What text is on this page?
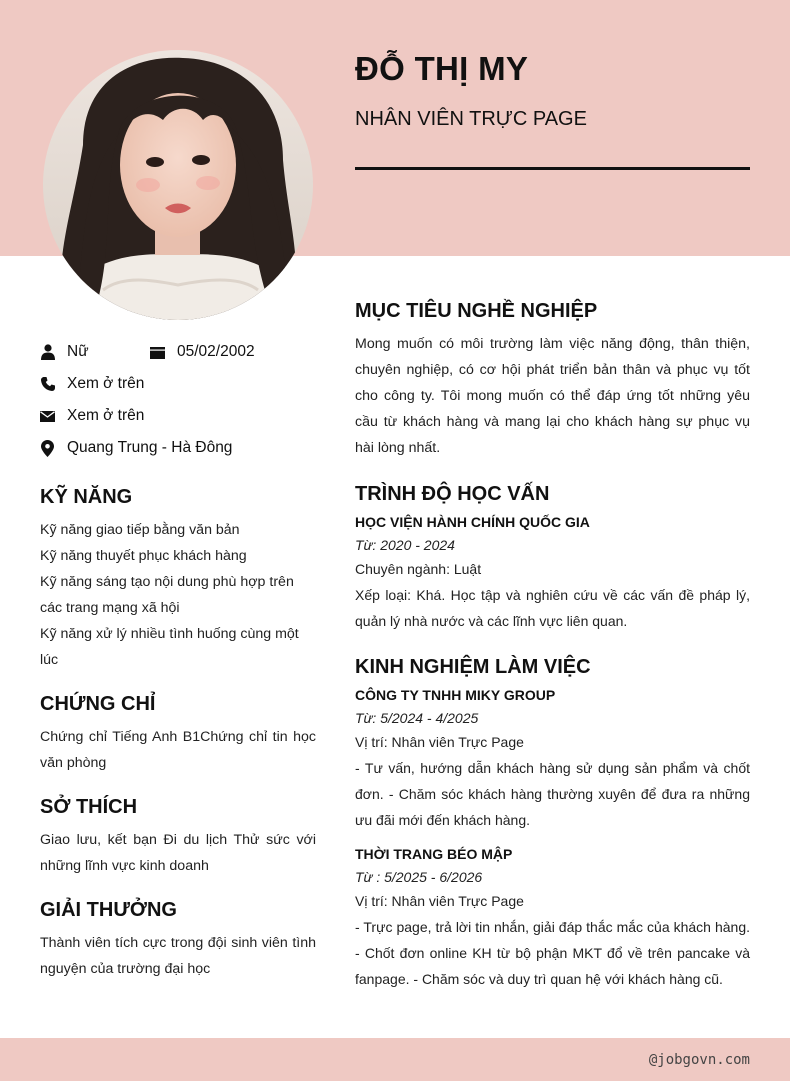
ĐỖ THỊ MY
NHÂN VIÊN TRỰC PAGE
Nữ	05/02/2002
Xem ở trên
Xem ở trên
Quang Trung - Hà Đông
KỸ NĂNG
Kỹ năng giao tiếp bằng văn bản
Kỹ năng thuyết phục khách hàng
Kỹ năng sáng tạo nội dung phù hợp trên các trang mạng xã hội
Kỹ năng xử lý nhiều tình huống cùng một lúc
CHỨNG CHỈ
Chứng chỉ Tiếng Anh B1Chứng chỉ tin học văn phòng
SỞ THÍCH
Giao lưu, kết bạn Đi du lịch Thử sức với những lĩnh vực kinh doanh
GIẢI THƯỞNG
Thành viên tích cực trong đội sinh viên tình nguyện của trường đại học
MỤC TIÊU NGHỀ NGHIỆP
Mong muốn có môi trường làm việc năng động, thân thiện, chuyên nghiệp, có cơ hội phát triển bản thân và phục vụ tốt cho công ty. Tôi mong muốn có thể đáp ứng tốt những yêu cầu từ khách hàng và mang lại cho khách hàng sự phục vụ hài lòng nhất.
TRÌNH ĐỘ HỌC VẤN
HỌC VIỆN HÀNH CHÍNH QUỐC GIA
Từ: 2020 - 2024
Chuyên ngành: Luật
Xếp loại: Khá. Học tập và nghiên cứu về các vấn đề pháp lý, quản lý nhà nước và các lĩnh vực liên quan.
KINH NGHIỆM LÀM VIỆC
CÔNG TY TNHH MIKY GROUP
Từ: 5/2024 - 4/2025
Vị trí: Nhân viên Trực Page
- Tư vấn, hướng dẫn khách hàng sử dụng sản phẩm và chốt đơn. - Chăm sóc khách hàng thường xuyên để đưa ra những ưu đãi mới đến khách hàng.
THỜI TRANG BÉO MẬP
Từ : 5/2025 - 6/2026
Vị trí: Nhân viên Trực Page
- Trực page, trả lời tin nhắn, giải đáp thắc mắc của khách hàng. - Chốt đơn online KH từ bộ phận MKT đổ về trên pancake và fanpage. - Chăm sóc và duy trì quan hệ với khách hàng cũ.
@jobgovn.com
